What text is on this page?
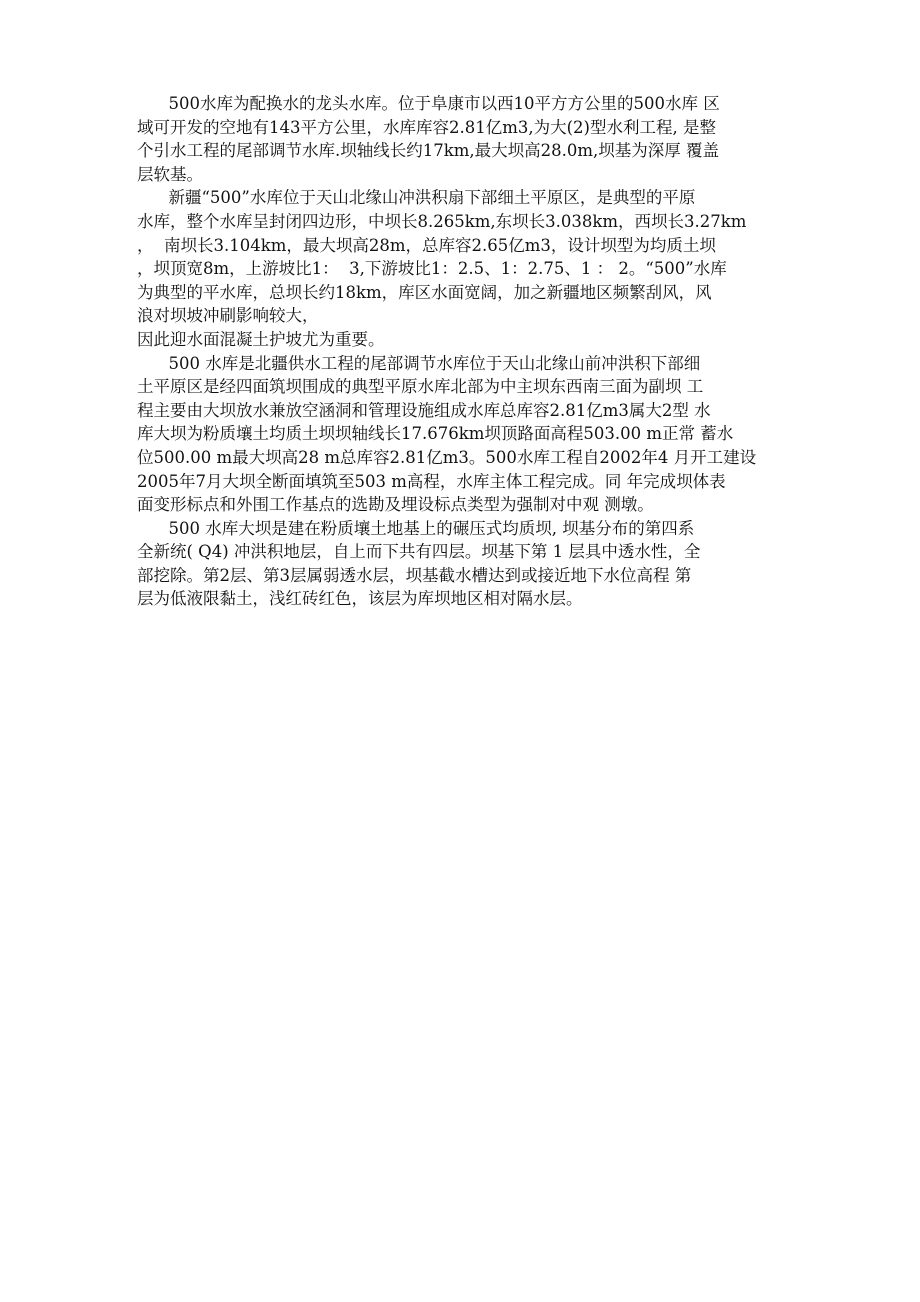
500水库为配换水的龙头水库。位于阜康市以西10平方方公里的500水库 区
域可开发的空地有143平方公里，水库库容2.81亿m3,为大(2)型水利工程, 是整
个引水工程的尾部调节水库.坝轴线长约17km,最大坝高28.0m,坝基为深厚 覆盖
层软基。
新疆“500”水库位于天山北缘山冲洪积扇下部细土平原区，是典型的平原
水库，整个水库呈封闭四边形，中坝长8.265km,东坝长3.038km，西坝长3.27km
，  南坝长3.104km，最大坝高28m，总库容2.65亿m3，设计坝型为均质土坝
，坝顶宽8m，上游坡比1：  3,下游坡比1：2.5、1：2.75、1 ： 2。“500”水库
为典型的平水库，总坝长约18km，库区水面宽阔，加之新疆地区频繁刮风，风
浪对坝坡冲刷影响较大，
因此迎水面混凝土护坡尤为重要。
500 水库是北疆供水工程的尾部调节水库位于天山北缘山前冲洪积下部细
土平原区是经四面筑坝围成的典型平原水库北部为中主坝东西南三面为副坝 工
程主要由大坝放水兼放空涵洞和管理设施组成水库总库容2.81亿m3属大2型 水
库大坝为粉质壤土均质土坝坝轴线长17.676km坝顶路面高程503.00 m正常 蓄水
位500.00 m最大坝高28 m总库容2.81亿m3。500水库工程自2002年4 月开工建设
2005年7月大坝全断面填筑至503 m高程，水库主体工程完成。同 年完成坝体表
面变形标点和外围工作基点的选勘及埋设标点类型为强制对中观 测墩。
500 水库大坝是建在粉质壤土地基上的碾压式均质坝, 坝基分布的第四系
全新统( Q4) 冲洪积地层，自上而下共有四层。坝基下第 1 层具中透水性，全
部挖除。第2层、第3层属弱透水层，坝基截水槽达到或接近地下水位高程 第
层为低液限黏土，浅红砖红色，该层为库坝地区相对隔水层。
